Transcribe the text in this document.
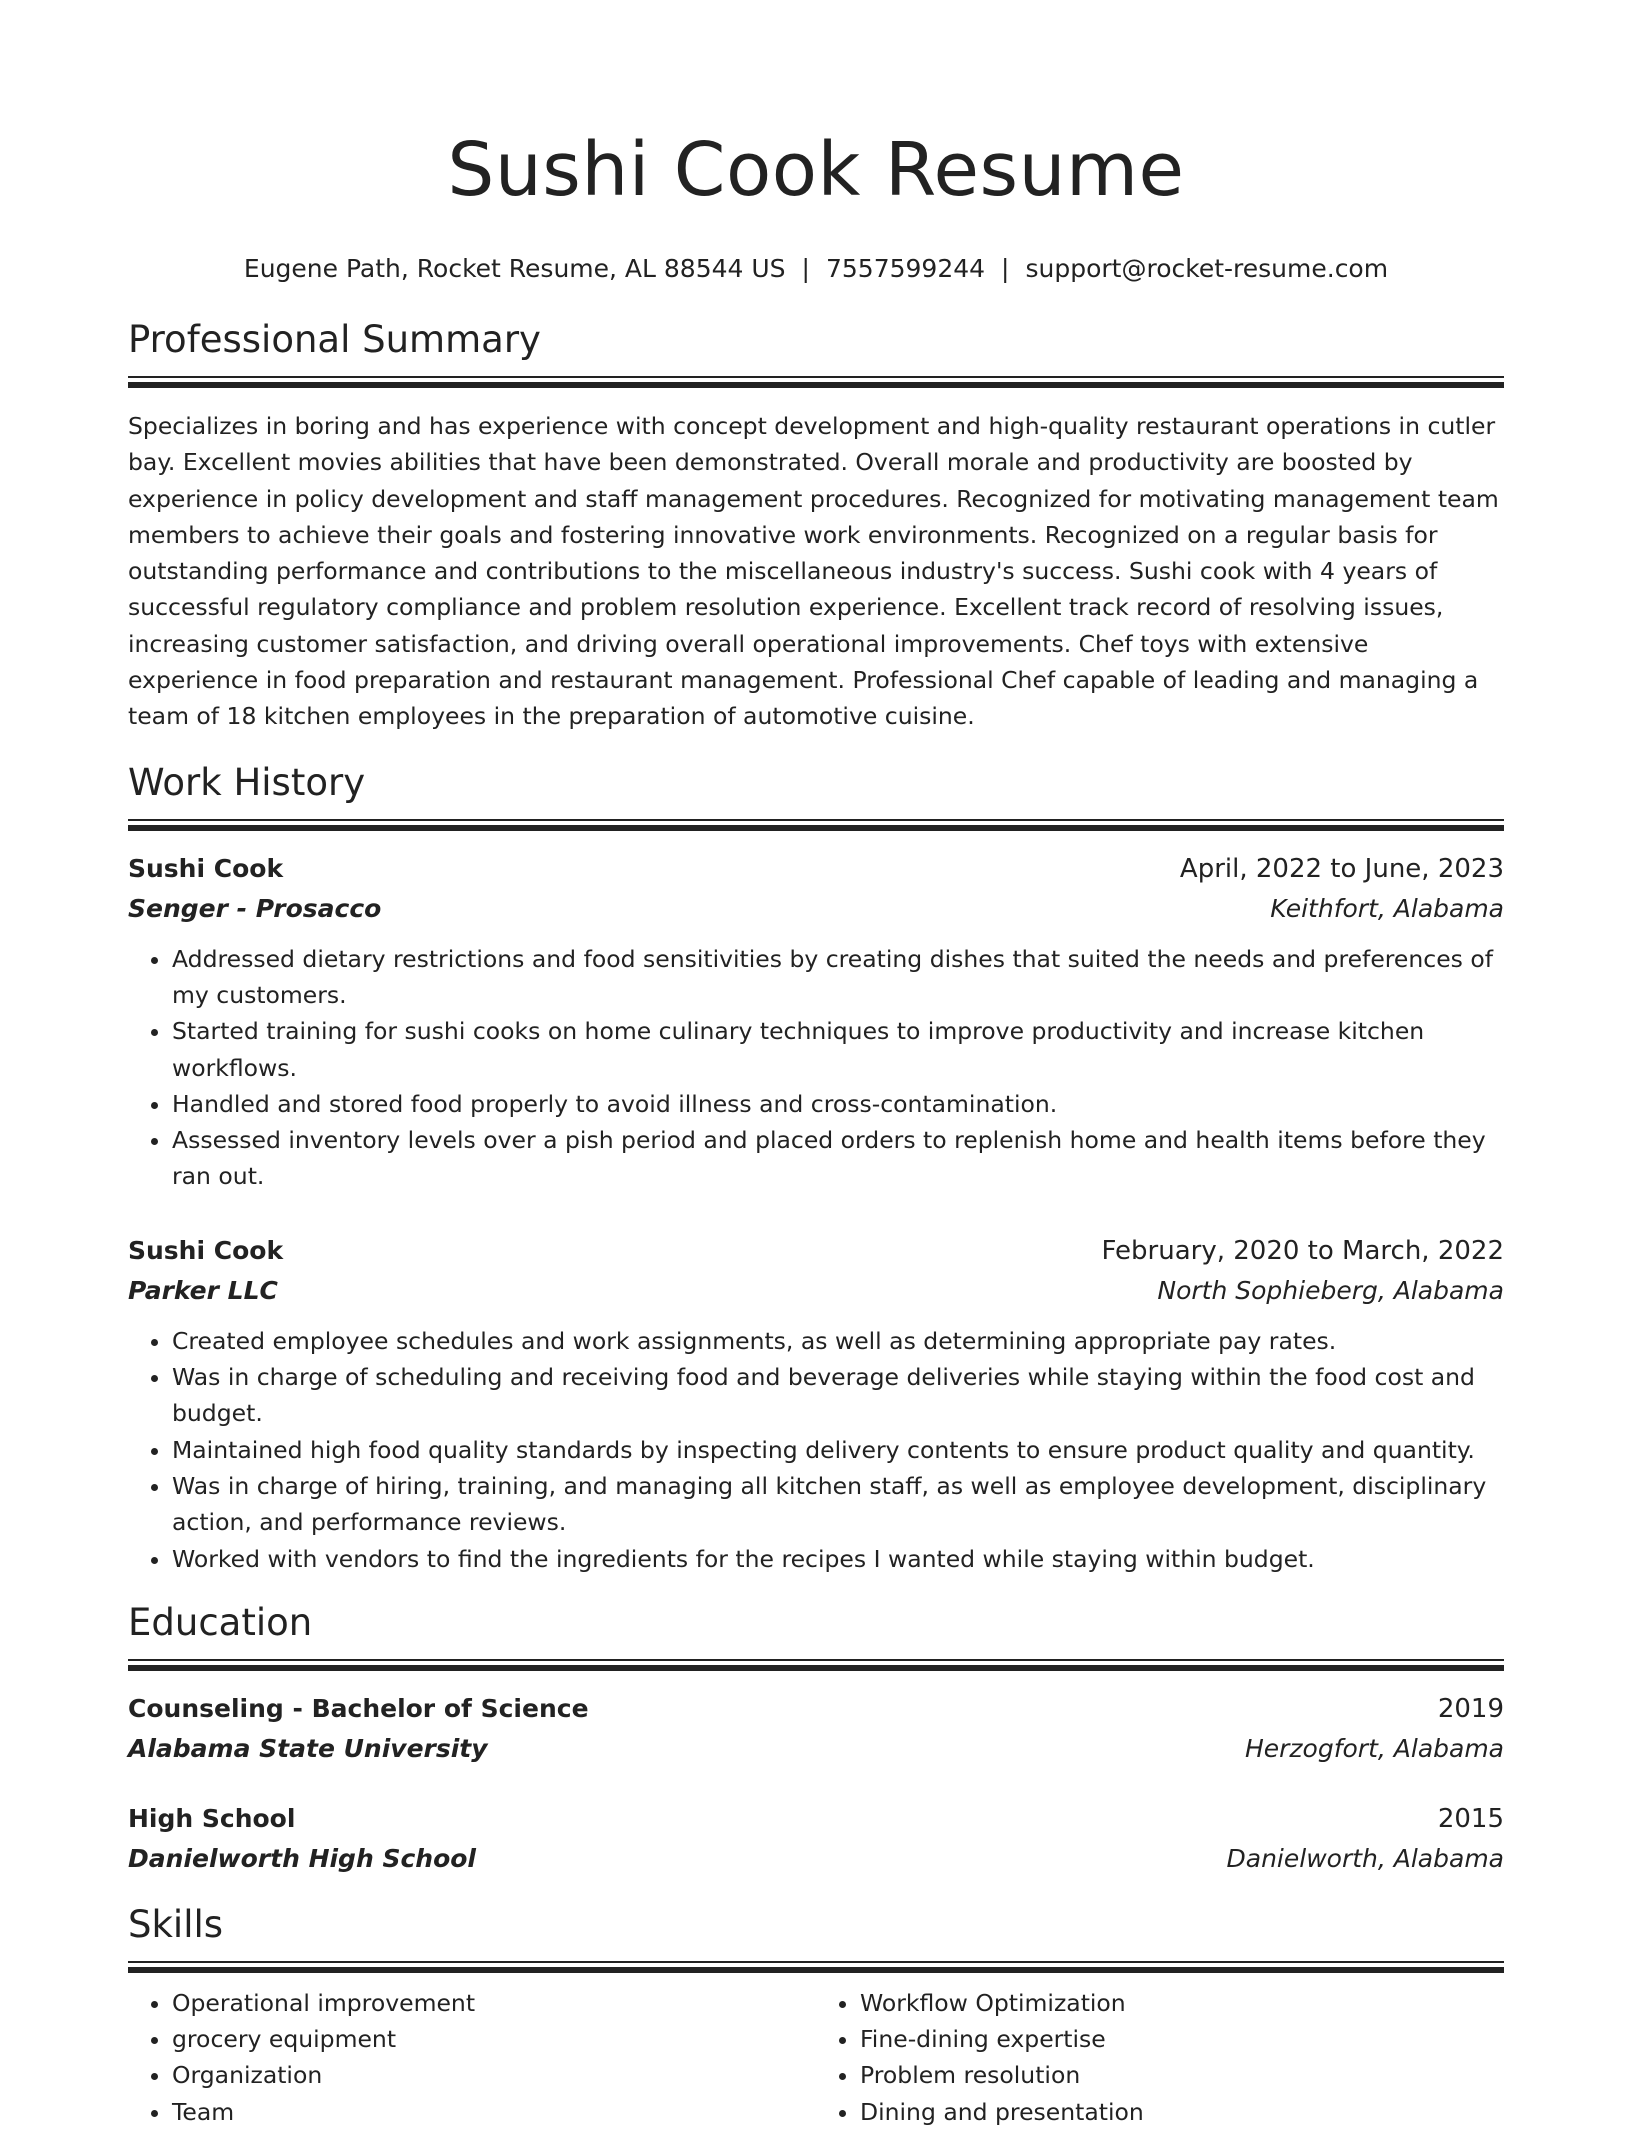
Sushi Cook Resume
Eugene Path, Rocket Resume, AL 88544 US | 7557599244 | support@rocket-resume.com
Professional Summary

Specializes in boring and has experience with concept development and high-quality restaurant operations in cutler bay. Excellent movies abilities that have been demonstrated. Overall morale and productivity are boosted by experience in policy development and staff management procedures. Recognized for motivating management team members to achieve their goals and fostering innovative work environments. Recognized on a regular basis for outstanding performance and contributions to the miscellaneous industry's success. Sushi cook with 4 years of successful regulatory compliance and problem resolution experience. Excellent track record of resolving issues, increasing customer satisfaction, and driving overall operational improvements. Chef toys with extensive experience in food preparation and restaurant management. Professional Chef capable of leading and managing a team of 18 kitchen employees in the preparation of automotive cuisine.

Work History
Sushi Cook	April, 2022 to June, 2023
Senger - Prosacco	Keithfort, Alabama
• Addressed dietary restrictions and food sensitivities by creating dishes that suited the needs and preferences of my customers.
• Started training for sushi cooks on home culinary techniques to improve productivity and increase kitchen workflows.
• Handled and stored food properly to avoid illness and cross-contamination.
• Assessed inventory levels over a pish period and placed orders to replenish home and health items before they ran out.
Sushi Cook	February, 2020 to March, 2022
Parker LLC	North Sophieberg, Alabama
• Created employee schedules and work assignments, as well as determining appropriate pay rates.
• Was in charge of scheduling and receiving food and beverage deliveries while staying within the food cost and budget.
• Maintained high food quality standards by inspecting delivery contents to ensure product quality and quantity.
• Was in charge of hiring, training, and managing all kitchen staff, as well as employee development, disciplinary action, and performance reviews.
• Worked with vendors to find the ingredients for the recipes I wanted while staying within budget.
Education
Counseling - Bachelor of Science	2019
Alabama State University	Herzogfort, Alabama
High School	2015
Danielworth High School	Danielworth, Alabama
Skills
• Operational improvement
• grocery equipment
• Organization
• Team
• Workflow Optimization
• Fine-dining expertise
• Problem resolution
• Dining and presentation
